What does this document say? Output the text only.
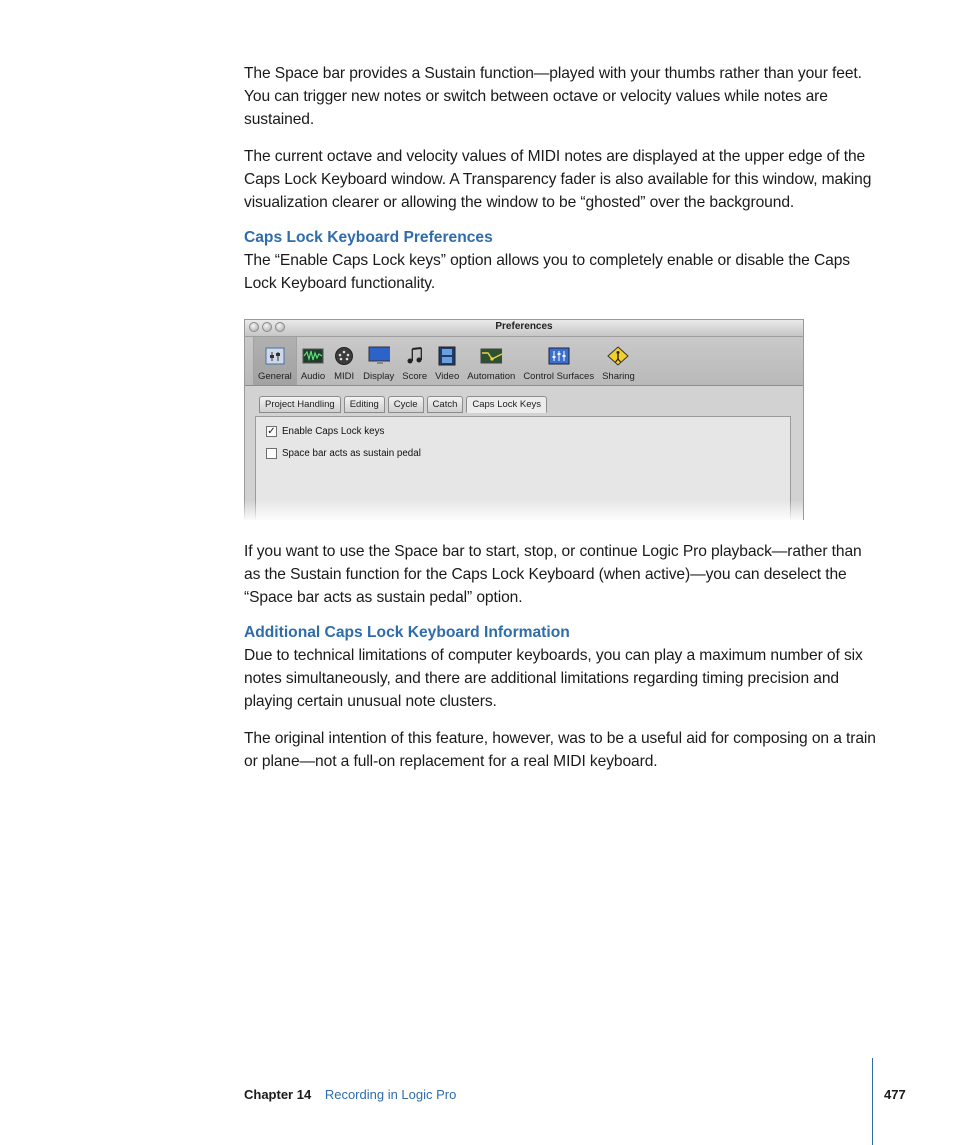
The Space bar provides a Sustain function—played with your thumbs rather than your feet. You can trigger new notes or switch between octave or velocity values while notes are sustained.

The current octave and velocity values of MIDI notes are displayed at the upper edge of the Caps Lock Keyboard window. A Transparency fader is also available for this window, making visualization clearer or allowing the window to be “ghosted” over the background.

Caps Lock Keyboard Preferences

The “Enable Caps Lock keys” option allows you to completely enable or disable the Caps Lock Keyboard functionality.

Preferences
General Audio MIDI Display Score Video Automation Control Surfaces Sharing
Project Handling	Editing	Cycle	Catch	Caps Lock Keys
✓ Enable Caps Lock keys
Space bar acts as sustain pedal

If you want to use the Space bar to start, stop, or continue Logic Pro playback—rather than as the Sustain function for the Caps Lock Keyboard (when active)—you can deselect the “Space bar acts as sustain pedal” option.

Additional Caps Lock Keyboard Information

Due to technical limitations of computer keyboards, you can play a maximum number of six notes simultaneously, and there are additional limitations regarding timing precision and playing certain unusual note clusters.

The original intention of this feature, however, was to be a useful aid for composing on a train or plane—not a full-on replacement for a real MIDI keyboard.

Chapter 14 Recording in Logic Pro	477
